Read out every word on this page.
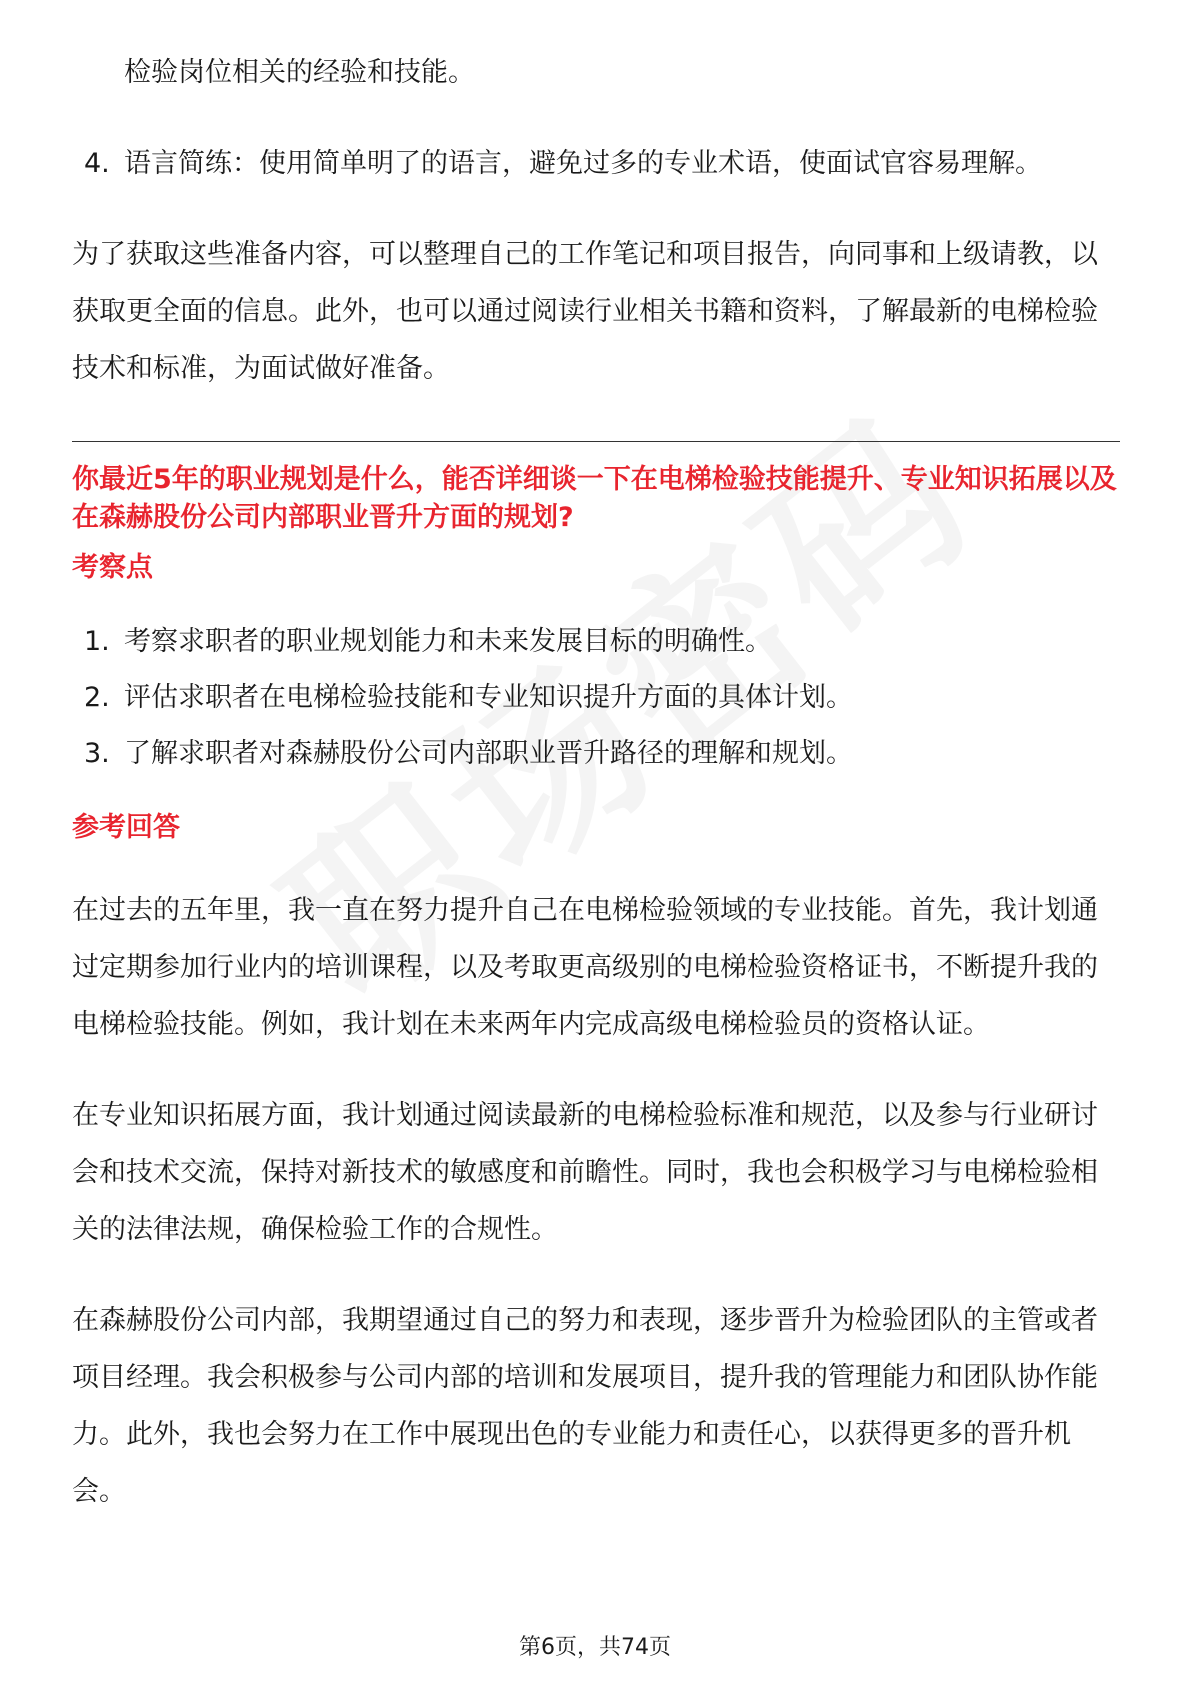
检验岗位相关的经验和技能。

4. 语言简练：使用简单明了的语言，避免过多的专业术语，使面试官容易理解。

为了获取这些准备内容，可以整理自己的工作笔记和项目报告，向同事和上级请教，以获取更全面的信息。此外，也可以通过阅读行业相关书籍和资料，了解最新的电梯检验技术和标准，为面试做好准备。

你最近5年的职业规划是什么，能否详细谈一下在电梯检验技能提升、专业知识拓展以及在森赫股份公司内部职业晋升方面的规划?

考察点

1. 考察求职者的职业规划能力和未来发展目标的明确性。
2. 评估求职者在电梯检验技能和专业知识提升方面的具体计划。
3. 了解求职者对森赫股份公司内部职业晋升路径的理解和规划。

参考回答

在过去的五年里，我一直在努力提升自己在电梯检验领域的专业技能。首先，我计划通过定期参加行业内的培训课程，以及考取更高级别的电梯检验资格证书，不断提升我的电梯检验技能。例如，我计划在未来两年内完成高级电梯检验员的资格认证。

在专业知识拓展方面，我计划通过阅读最新的电梯检验标准和规范，以及参与行业研讨会和技术交流，保持对新技术的敏感度和前瞻性。同时，我也会积极学习与电梯检验相关的法律法规，确保检验工作的合规性。

在森赫股份公司内部，我期望通过自己的努力和表现，逐步晋升为检验团队的主管或者项目经理。我会积极参与公司内部的培训和发展项目，提升我的管理能力和团队协作能力。此外，我也会努力在工作中展现出色的专业能力和责任心，以获得更多的晋升机会。

第6页，共74页
